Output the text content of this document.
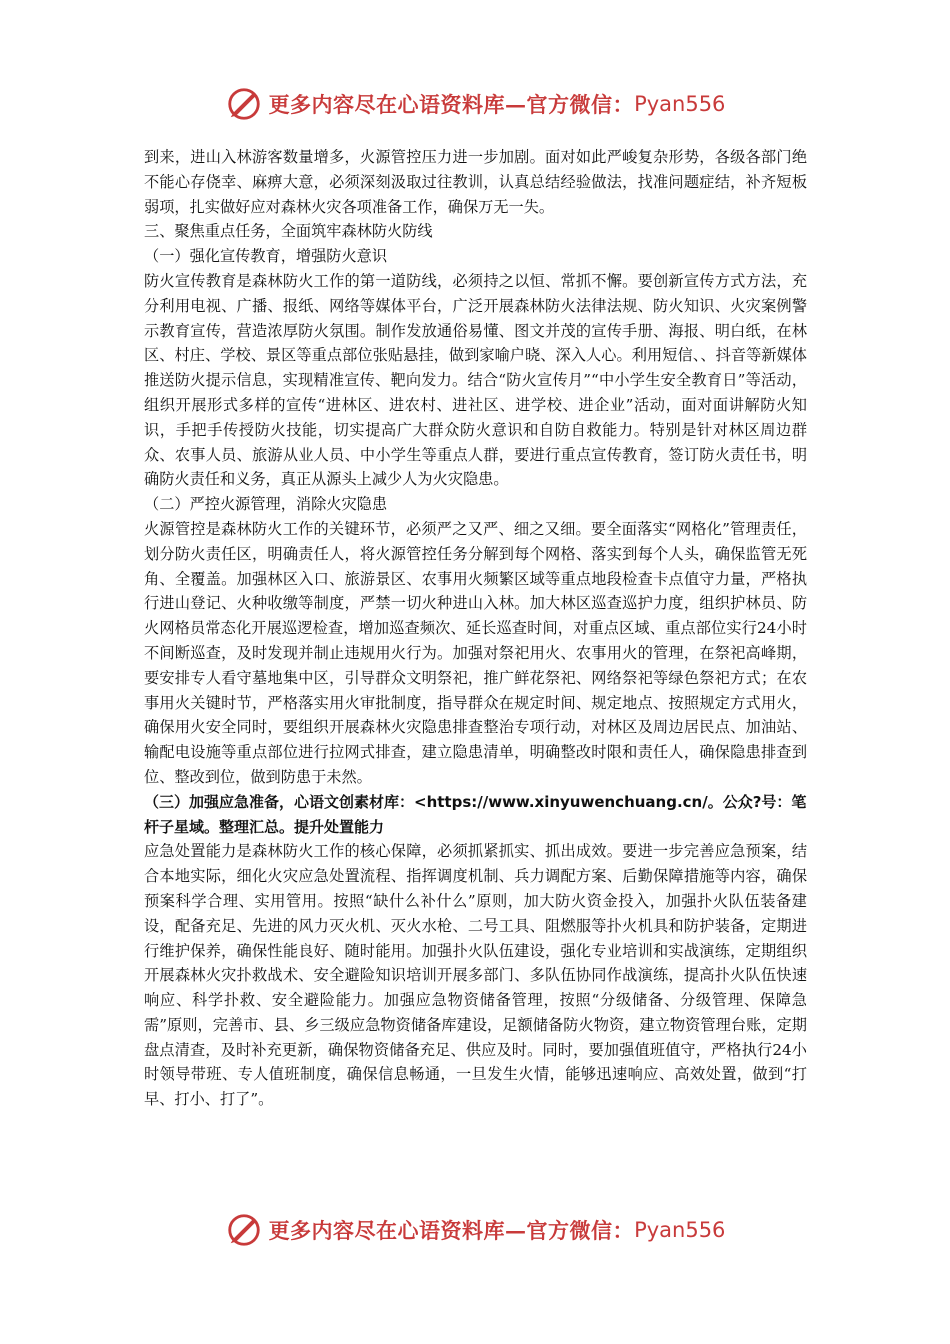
更多内容尽在心语资料库—官方微信： Pyan556

到来，进山入林游客数量增多，火源管控压力进一步加剧。面对如此严峻复杂形势，各级各部门绝不能心存侥幸、麻痹大意，必须深刻汲取过往教训，认真总结经验做法，找准问题症结，补齐短板弱项，扎实做好应对森林火灾各项准备工作，确保万无一失。

三、聚焦重点任务，全面筑牢森林防火防线

（一）强化宣传教育，增强防火意识

防火宣传教育是森林防火工作的第一道防线，必须持之以恒、常抓不懈。要创新宣传方式方法，充分利用电视、广播、报纸、网络等媒体平台，广泛开展森林防火法律法规、防火知识、火灾案例警示教育宣传，营造浓厚防火氛围。制作发放通俗易懂、图文并茂的宣传手册、海报、明白纸，在林区、村庄、学校、景区等重点部位张贴悬挂，做到家喻户晓、深入人心。利用短信、、抖音等新媒体推送防火提示信息，实现精准宣传、靶向发力。结合“防火宣传月”“中小学生安全教育日”等活动，组织开展形式多样的宣传“进林区、进农村、进社区、进学校、进企业”活动，面对面讲解防火知识，手把手传授防火技能，切实提高广大群众防火意识和自防自救能力。特别是针对林区周边群众、农事人员、旅游从业人员、中小学生等重点人群，要进行重点宣传教育，签订防火责任书，明确防火责任和义务，真正从源头上减少人为火灾隐患。

（二）严控火源管理，消除火灾隐患

火源管控是森林防火工作的关键环节，必须严之又严、细之又细。要全面落实“网格化”管理责任，划分防火责任区，明确责任人，将火源管控任务分解到每个网格、落实到每个人头，确保监管无死角、全覆盖。加强林区入口、旅游景区、农事用火频繁区域等重点地段检查卡点值守力量，严格执行进山登记、火种收缴等制度，严禁一切火种进山入林。加大林区巡查巡护力度，组织护林员、防火网格员常态化开展巡逻检查，增加巡查频次、延长巡查时间，对重点区域、重点部位实行24小时不间断巡查，及时发现并制止违规用火行为。加强对祭祀用火、农事用火的管理，在祭祀高峰期，要安排专人看守墓地集中区，引导群众文明祭祀，推广鲜花祭祀、网络祭祀等绿色祭祀方式；在农事用火关键时节，严格落实用火审批制度，指导群众在规定时间、规定地点、按照规定方式用火，确保用火安全同时，要组织开展森林火灾隐患排查整治专项行动，对林区及周边居民点、加油站、输配电设施等重点部位进行拉网式排查，建立隐患清单，明确整改时限和责任人，确保隐患排查到位、整改到位，做到防患于未然。

（三）加强应急准备，心语文创素材库：<https://www.xinyuwenchuang.cn/。公众?号：笔杆子星域。整理汇总。提升处置能力

应急处置能力是森林防火工作的核心保障，必须抓紧抓实、抓出成效。要进一步完善应急预案，结合本地实际，细化火灾应急处置流程、指挥调度机制、兵力调配方案、后勤保障措施等内容，确保预案科学合理、实用管用。按照“缺什么补什么”原则，加大防火资金投入，加强扑火队伍装备建设，配备充足、先进的风力灭火机、灭火水枪、二号工具、阻燃服等扑火机具和防护装备，定期进行维护保养，确保性能良好、随时能用。加强扑火队伍建设，强化专业培训和实战演练，定期组织开展森林火灾扑救战术、安全避险知识培训开展多部门、多队伍协同作战演练，提高扑火队伍快速响应、科学扑救、安全避险能力。加强应急物资储备管理，按照“分级储备、分级管理、保障急需”原则，完善市、县、乡三级应急物资储备库建设，足额储备防火物资，建立物资管理台账，定期盘点清查，及时补充更新，确保物资储备充足、供应及时。同时，要加强值班值守，严格执行24小时领导带班、专人值班制度，确保信息畅通，一旦发生火情，能够迅速响应、高效处置，做到“打早、打小、打了”。

更多内容尽在心语资料库—官方微信： Pyan556
